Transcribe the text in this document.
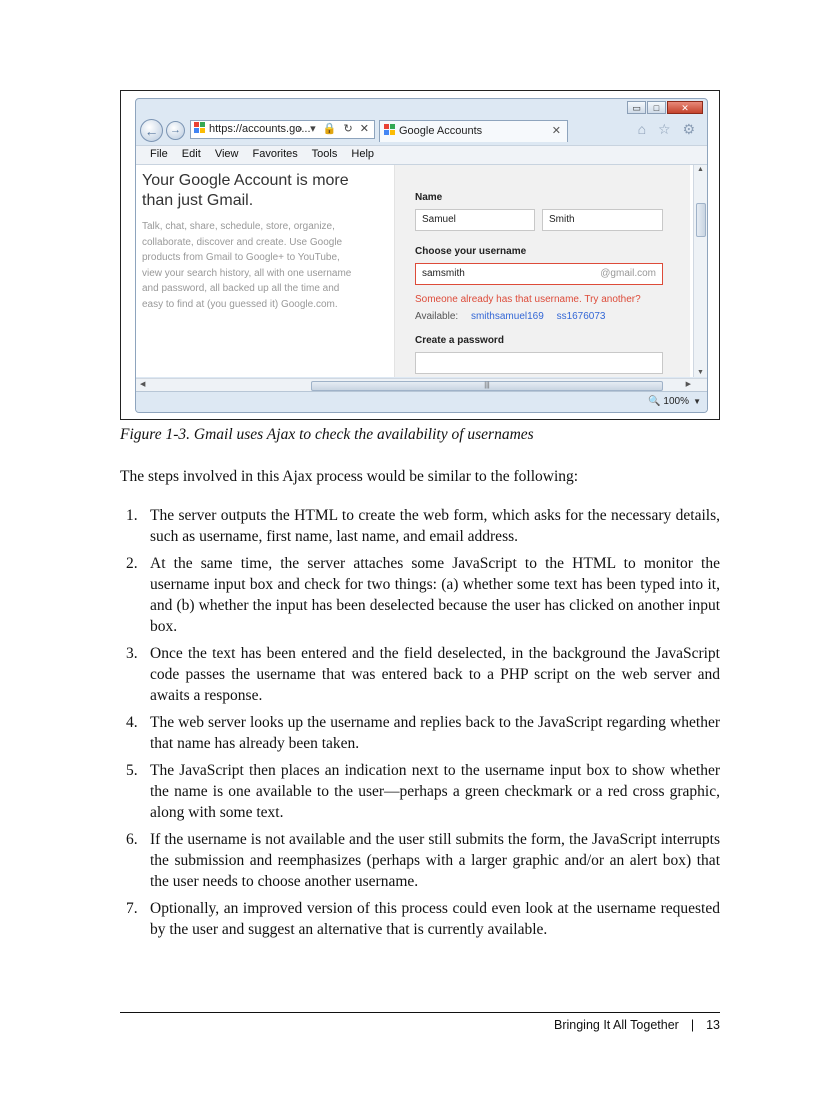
▭	□	✕
←	→	https://accounts.go...
⌕ ▾ 🔒 ↻ ✕	Google Accounts	✕	⌂ ☆ ⚙
File Edit View Favorites Tools Help
Your Google Account is more than just Gmail.
Talk, chat, share, schedule, store, organize, collaborate, discover and create. Use Google products from Gmail to Google+ to YouTube, view your search history, all with one username and password, all backed up all the time and easy to find at (you guessed it) Google.com.
Name
Samuel	Smith
Choose your username
samsmith	@gmail.com
Someone already has that username. Try another?
Available: smithsamuel169 ss1676073
Create a password
▲
▼
◀	|||	▶
🔍 100% ▼
Figure 1-3. Gmail uses Ajax to check the availability of usernames
The steps involved in this Ajax process would be similar to the following:
1. The server outputs the HTML to create the web form, which asks for the necessary details, such as username, first name, last name, and email address.
2. At the same time, the server attaches some JavaScript to the HTML to monitor the username input box and check for two things: (a) whether some text has been typed into it, and (b) whether the input has been deselected because the user has clicked on another input box.
3. Once the text has been entered and the field deselected, in the background the JavaScript code passes the username that was entered back to a PHP script on the web server and awaits a response.
4. The web server looks up the username and replies back to the JavaScript regarding whether that name has already been taken.
5. The JavaScript then places an indication next to the username input box to show whether the name is one available to the user—perhaps a green checkmark or a red cross graphic, along with some text.
6. If the username is not available and the user still submits the form, the JavaScript interrupts the submission and reemphasizes (perhaps with a larger graphic and/or an alert box) that the user needs to choose another username.
7. Optionally, an improved version of this process could even look at the username requested by the user and suggest an alternative that is currently available.
Bringing It All Together | 13
